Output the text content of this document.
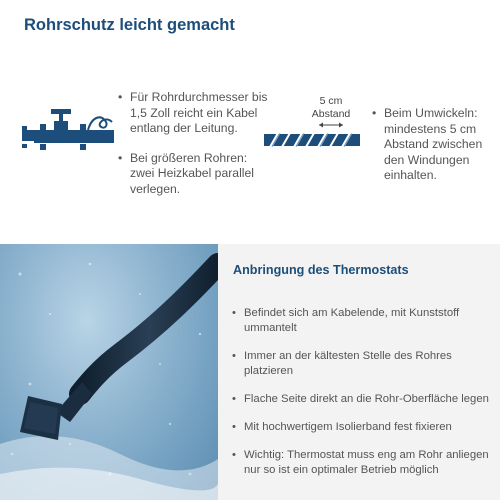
Rohrschutz leicht gemacht
• Für Rohrdurchmesser bis 1,5 Zoll reicht ein Kabel entlang der Leitung.
• Bei größeren Rohren: zwei Heizkabel parallel verlegen.
5 cm Abstand
•	Beim Umwickeln: mindestens 5 cm Abstand zwischen den Windungen einhalten.
Anbringung des Thermostats
• Befindet sich am Kabelende, mit Kunststoff ummantelt
• Immer an der kältesten Stelle des Rohres platzieren
• Flache Seite direkt an die Rohr-Oberfläche legen
• Mit hochwertigem Isolierband fest fixieren
• Wichtig: Thermostat muss eng am Rohr anliegen nur so ist ein optimaler Betrieb möglich
